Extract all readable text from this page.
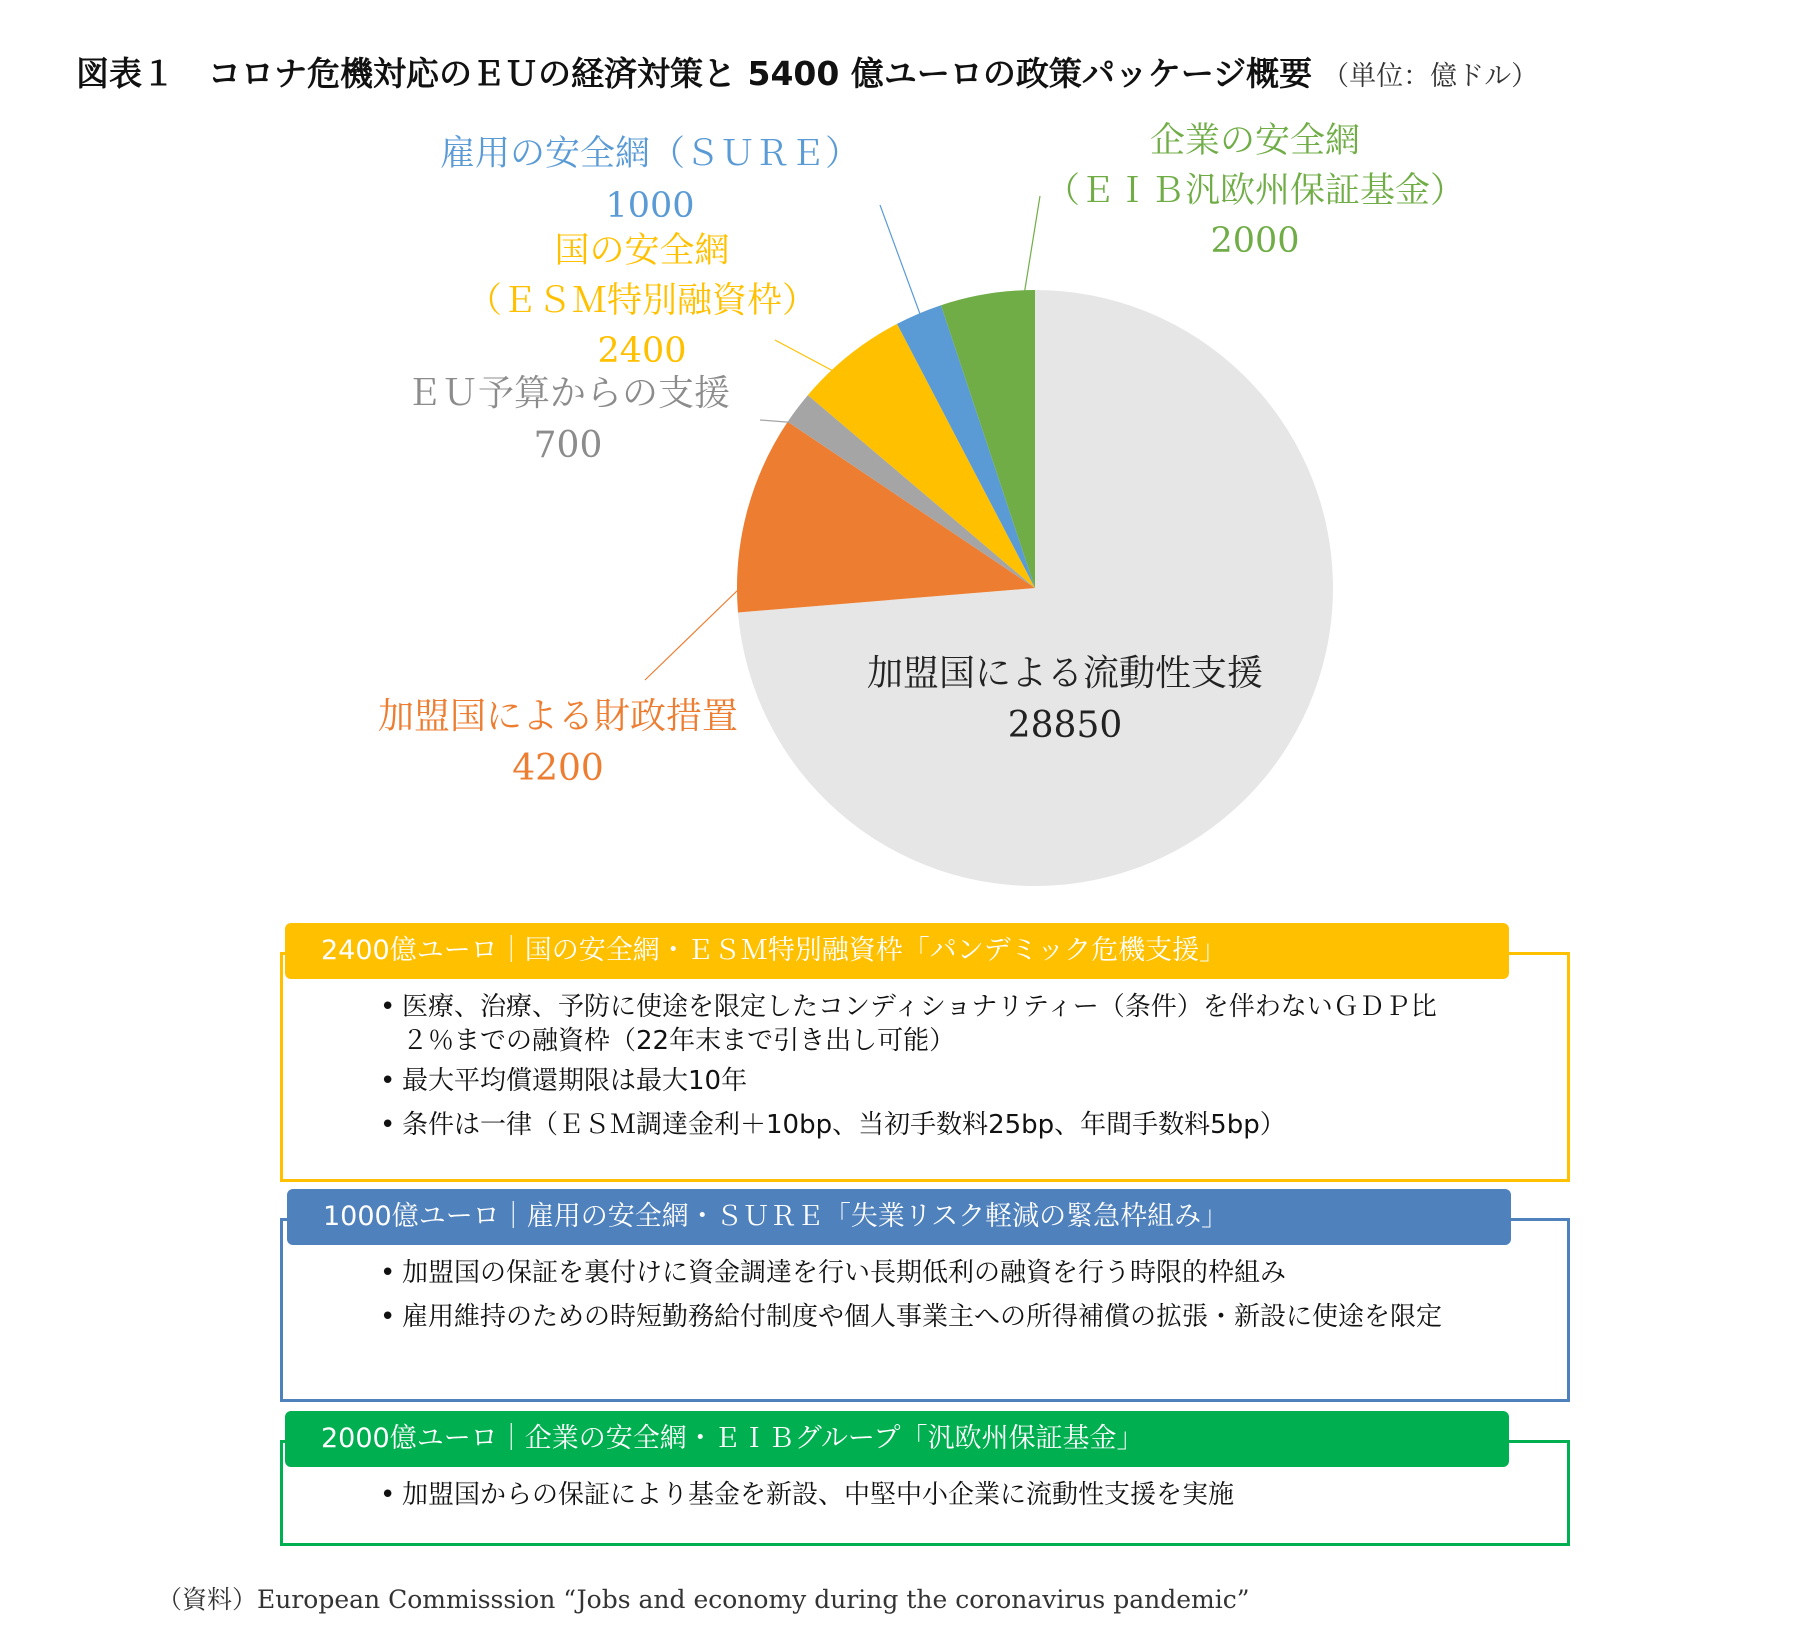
図表１　コロナ危機対応のＥＵの経済対策と 5400 億ユーロの政策パッケージ概要 （単位：億ドル）
加盟国による流動性支援
28850
加盟国による財政措置
4200
ＥＵ予算からの支援
700
国の安全網
（ＥＳＭ特別融資枠）
2400
雇用の安全網（ＳＵＲＥ）
1000
企業の安全網
（ＥＩＢ汎欧州保証基金）
2000
2400億ユーロ｜国の安全網・ＥＳＭ特別融資枠「パンデミック危機支援」
• 医療、治療、予防に使途を限定したコンディショナリティー（条件）を伴わないＧＤＰ比２％までの融資枠（22年末まで引き出し可能）
• 最大平均償還期限は最大10年
• 条件は一律（ＥＳＭ調達金利＋10bp、当初手数料25bp、年間手数料5bp）
1000億ユーロ｜雇用の安全網・ＳＵＲＥ「失業リスク軽減の緊急枠組み」
• 加盟国の保証を裏付けに資金調達を行い長期低利の融資を行う時限的枠組み
• 雇用維持のための時短勤務給付制度や個人事業主への所得補償の拡張・新設に使途を限定
2000億ユーロ｜企業の安全網・ＥＩＢグループ「汎欧州保証基金」
• 加盟国からの保証により基金を新設、中堅中小企業に流動性支援を実施
（資料）European Commisssion “Jobs and economy during the coronavirus pandemic”
